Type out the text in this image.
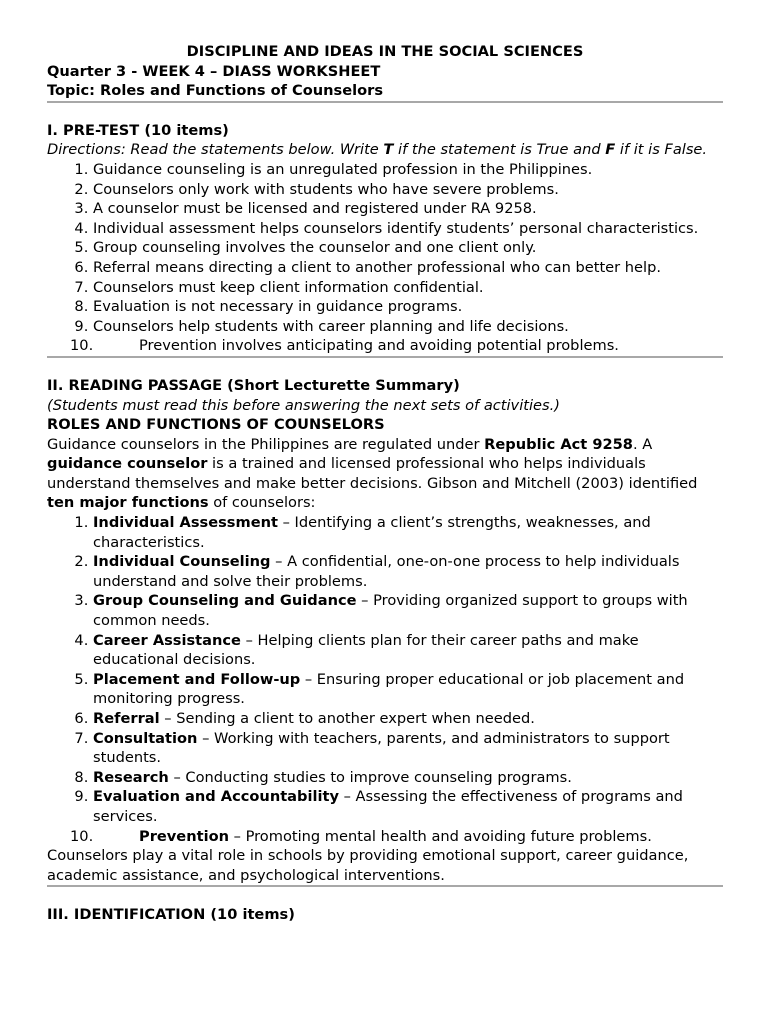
DISCIPLINE AND IDEAS IN THE SOCIAL SCIENCES
Quarter 3 - WEEK 4 – DIASS WORKSHEET
Topic: Roles and Functions of Counselors
I. PRE-TEST (10 items)

Directions: Read the statements below. Write T if the statement is True and F if it is False.

1. Guidance counseling is an unregulated profession in the Philippines.
2. Counselors only work with students who have severe problems.
3. A counselor must be licensed and registered under RA 9258.
4. Individual assessment helps counselors identify students’ personal characteristics.
5. Group counseling involves the counselor and one client only.
6. Referral means directing a client to another professional who can better help.
7. Counselors must keep client information confidential.
8. Evaluation is not necessary in guidance programs.
9. Counselors help students with career planning and life decisions.
10.	Prevention involves anticipating and avoiding potential problems.
II. READING PASSAGE (Short Lecturette Summary)

(Students must read this before answering the next sets of activities.)

ROLES AND FUNCTIONS OF COUNSELORS

Guidance counselors in the Philippines are regulated under Republic Act 9258. A guidance counselor is a trained and licensed professional who helps individuals understand themselves and make better decisions. Gibson and Mitchell (2003) identified ten major functions of counselors:

1. Individual Assessment – Identifying a client’s strengths, weaknesses, and characteristics.
2. Individual Counseling – A confidential, one-on-one process to help individuals understand and solve their problems.
3. Group Counseling and Guidance – Providing organized support to groups with common needs.
4. Career Assistance – Helping clients plan for their career paths and make educational decisions.
5. Placement and Follow-up – Ensuring proper educational or job placement and monitoring progress.
6. Referral – Sending a client to another expert when needed.
7. Consultation – Working with teachers, parents, and administrators to support students.
8. Research – Conducting studies to improve counseling programs.
9. Evaluation and Accountability – Assessing the effectiveness of programs and services.
10.	Prevention – Promoting mental health and avoiding future problems.

Counselors play a vital role in schools by providing emotional support, career guidance, academic assistance, and psychological interventions.

III. IDENTIFICATION (10 items)
